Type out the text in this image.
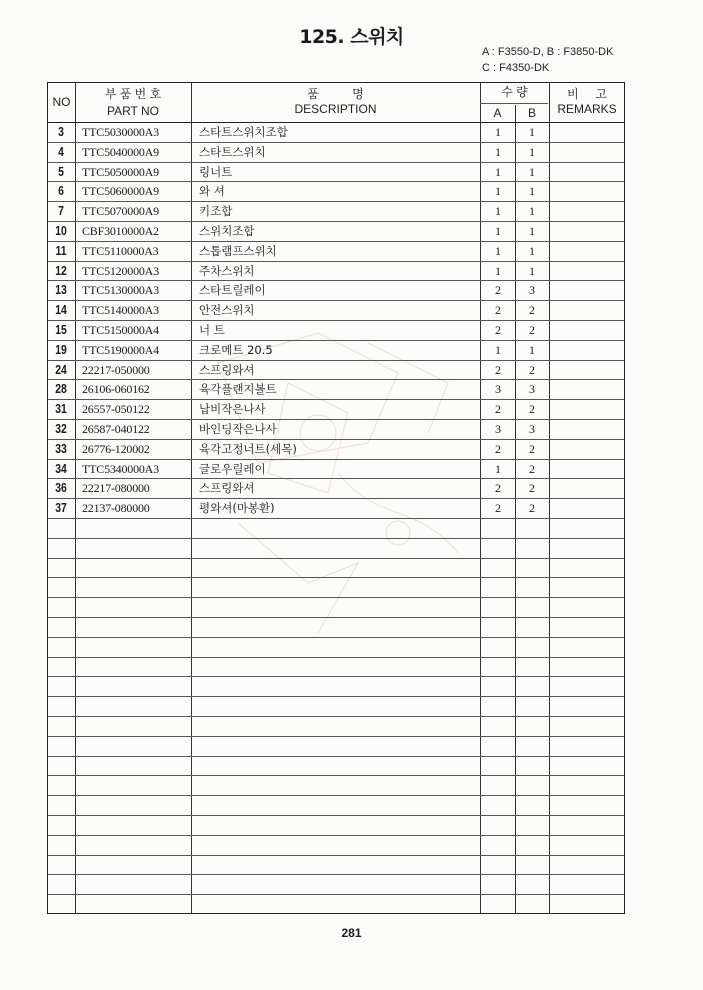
125. 스위치
A : F3550-D, B : F3850-DK
C : F4350-DK
NO
부 품 번 호
PART NO
품          명
DESCRIPTION
수 량
A	B
비     고
REMARKS
3	TTC5030000A3	스타트스위치조합	1	1
4	TTC5040000A9	스타트스위치	1	1
5	TTC5050000A9	링너트	1	1
6	TTC5060000A9	와 셔	1	1
7	TTC5070000A9	키조합	1	1
10	CBF3010000A2	스위치조합	1	1
11	TTC5110000A3	스톱램프스위치	1	1
12	TTC5120000A3	주차스위치	1	1
13	TTC5130000A3	스타트릴레이	2	3
14	TTC5140000A3	안전스위치	2	2
15	TTC5150000A4	너 트	2	2
19	TTC5190000A4	크로메트 20.5	1	1
24	22217-050000	스프링와셔	2	2
28	26106-060162	육각플랜지볼트	3	3
31	26557-050122	납비작은나사	2	2
32	26587-040122	바인딩작은나사	3	3
33	26776-120002	육각고정너트(세목)	2	2
34	TTC5340000A3	글로우릴레이	1	2
36	22217-080000	스프링와셔	2	2
37	22137-080000	평와셔(마봉환)	2	2
281
